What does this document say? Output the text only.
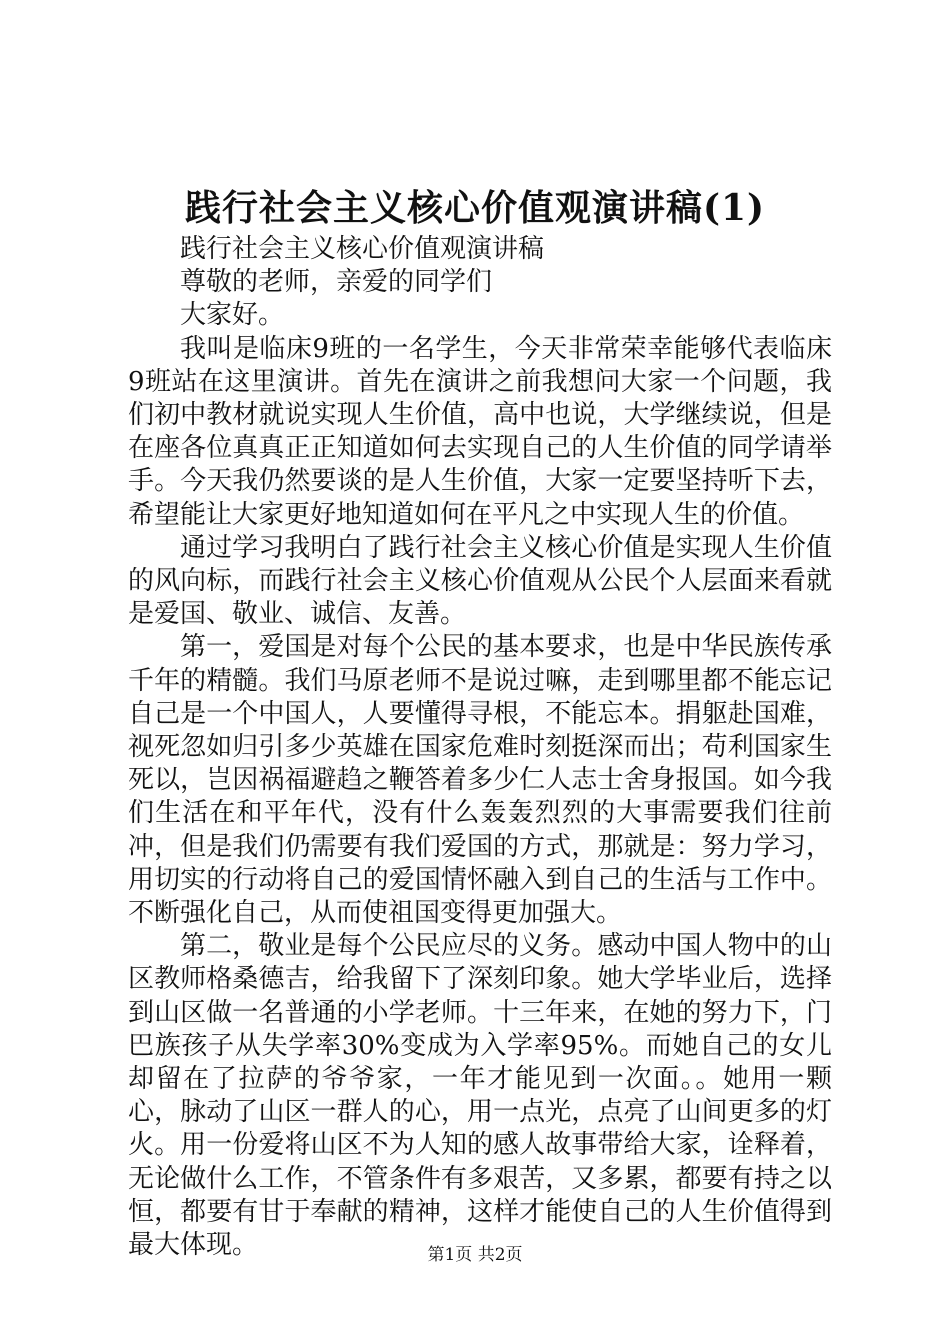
践行社会主义核心价值观演讲稿(1)

践行社会主义核心价值观演讲稿

尊敬的老师，亲爱的同学们

大家好。

我叫是临床9班的一名学生，今天非常荣幸能够代表临床9班站在这里演讲。首先在演讲之前我想问大家一个问题，我们初中教材就说实现人生价值，高中也说，大学继续说，但是在座各位真真正正知道如何去实现自己的人生价值的同学请举手。今天我仍然要谈的是人生价值，大家一定要坚持听下去，希望能让大家更好地知道如何在平凡之中实现人生的价值。

通过学习我明白了践行社会主义核心价值是实现人生价值的风向标，而践行社会主义核心价值观从公民个人层面来看就是爱国、敬业、诚信、友善。

第一，爱国是对每个公民的基本要求，也是中华民族传承千年的精髓。我们马原老师不是说过嘛，走到哪里都不能忘记自己是一个中国人，人要懂得寻根，不能忘本。捐躯赴国难，视死忽如归引多少英雄在国家危难时刻挺深而出；苟利国家生死以，岂因祸福避趋之鞭答着多少仁人志士舍身报国。如今我们生活在和平年代，没有什么轰轰烈烈的大事需要我们往前冲，但是我们仍需要有我们爱国的方式，那就是：努力学习，用切实的行动将自己的爱国情怀融入到自己的生活与工作中。不断强化自己，从而使祖国变得更加强大。

第二，敬业是每个公民应尽的义务。感动中国人物中的山区教师格桑德吉，给我留下了深刻印象。她大学毕业后，选择到山区做一名普通的小学老师。十三年来，在她的努力下，门巴族孩子从失学率30%变成为入学率95%。而她自己的女儿却留在了拉萨的爷爷家，一年才能见到一次面。。她用一颗心，脉动了山区一群人的心，用一点光，点亮了山间更多的灯火。用一份爱将山区不为人知的感人故事带给大家，诠释着，无论做什么工作，不管条件有多艰苦，又多累，都要有持之以恒，都要有甘于奉献的精神，这样才能使自己的人生价值得到最大体现。	第1页 共2页
